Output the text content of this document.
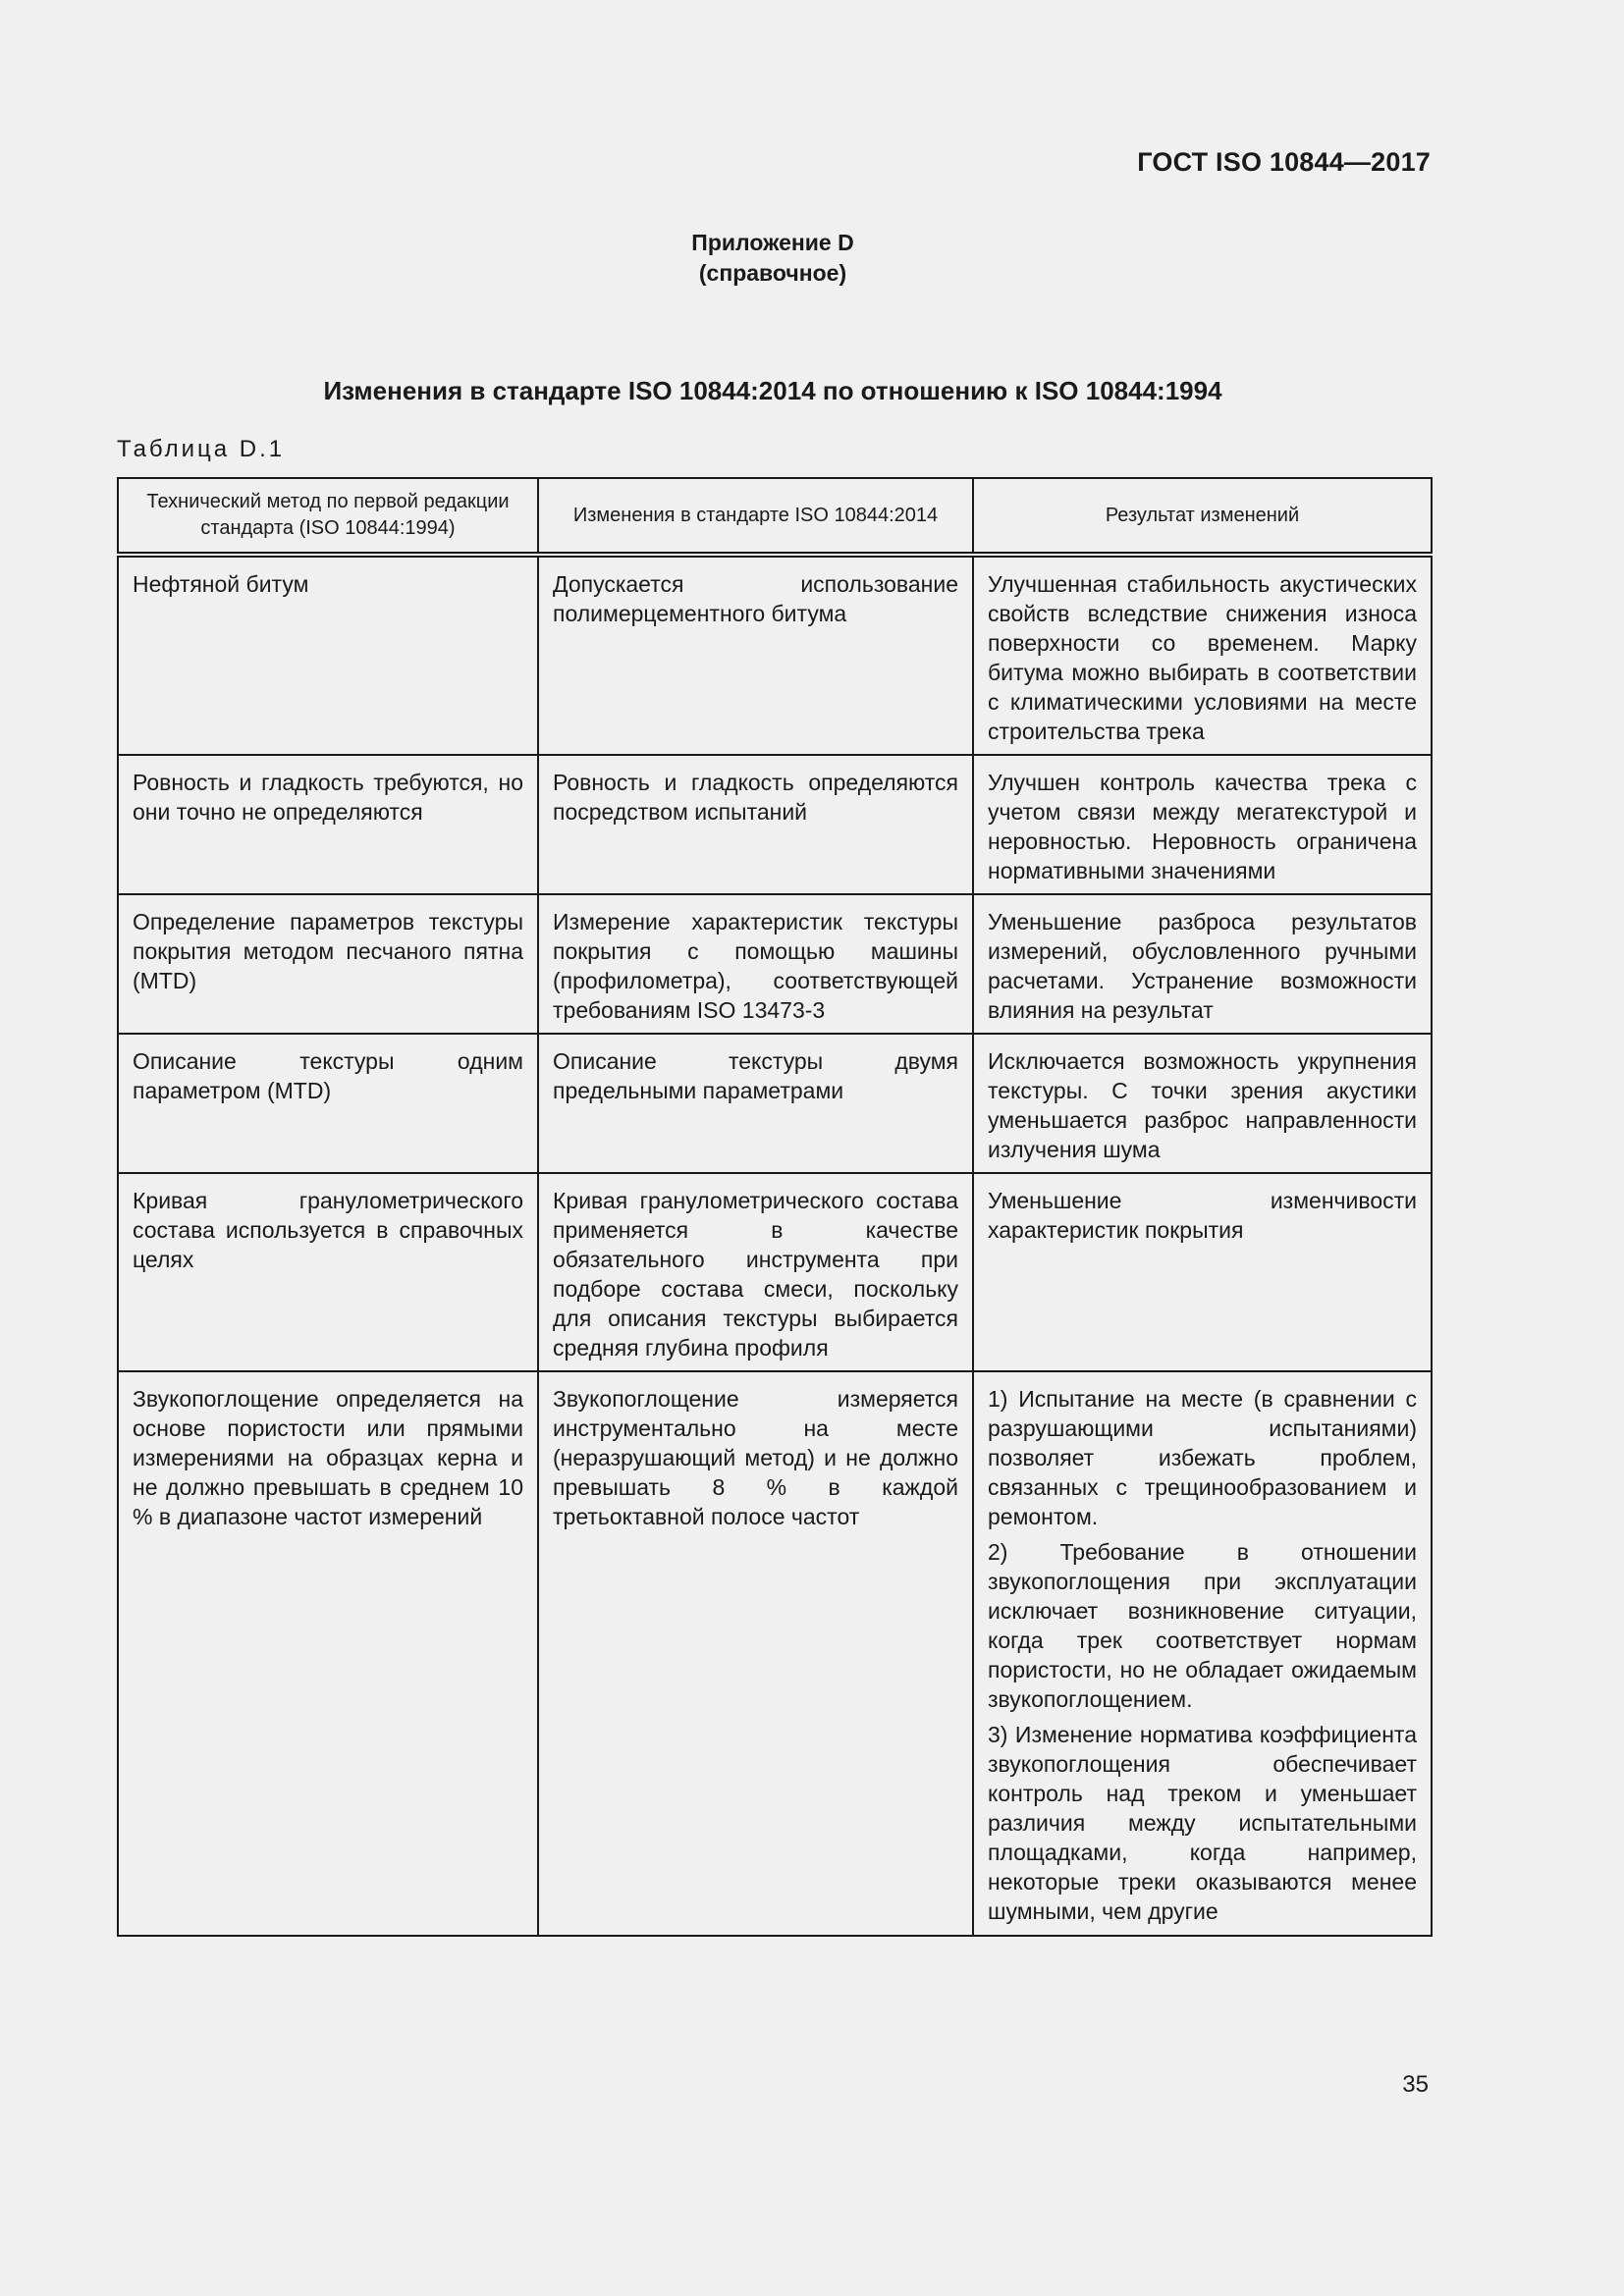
ГОСТ ISO 10844—2017
Приложение D
(справочное)
Изменения в стандарте ISO 10844:2014 по отношению к ISO 10844:1994
Таблица D.1
Технический метод по первой редакции стандарта (ISO 10844:1994)	Изменения в стандарте ISO 10844:2014	Результат изменений
Нефтяной битум	Допускается использование полимерцементного битума	Улучшенная стабильность акустических свойств вследствие снижения износа поверхности со временем. Марку битума можно выбирать в соответствии с климатическими условиями на месте строительства трека

Ровность и гладкость требуются, но они точно не определяются	Ровность и гладкость определяются посредством испытаний	Улучшен контроль качества трека с учетом связи между мегатекстурой и неровностью. Неровность ограничена нормативными значениями

Определение параметров текстуры покрытия методом песчаного пятна (MTD)	Измерение характеристик текстуры покрытия с помощью машины (профилометра), соответствующей требованиям ISO 13473-3	Уменьшение разброса результатов измерений, обусловленного ручными расчетами. Устранение возможности влияния на результат

Описание текстуры одним параметром (MTD)	Описание текстуры двумя предельными параметрами	Исключается возможность укрупнения текстуры. С точки зрения акустики уменьшается разброс направленности излучения шума

Кривая гранулометрического состава используется в справочных целях	Кривая гранулометрического состава применяется в качестве обязательного инструмента при подборе состава смеси, поскольку для описания текстуры выбирается средняя глубина профиля	Уменьшение изменчивости характеристик покрытия

Звукопоглощение определяется на основе пористости или прямыми измерениями на образцах керна и не должно превышать в среднем 10 % в диапазоне частот измерений	Звукопоглощение измеряется инструментально на месте (неразрушающий метод) и не должно превышать 8 % в каждой третьоктавной полосе частот	1) Испытание на месте (в сравнении с разрушающими испытаниями) позволяет избежать проблем, связанных с трещинообразованием и ремонтом.

2) Требование в отношении звукопоглощения при эксплуатации исключает возникновение ситуации, когда трек соответствует нормам пористости, но не обладает ожидаемым звукопоглощением.

3) Изменение норматива коэффициента звукопоглощения обеспечивает контроль над треком и уменьшает различия между испытательными площадками, когда например, некоторые треки оказываются менее шумными, чем другие

35
